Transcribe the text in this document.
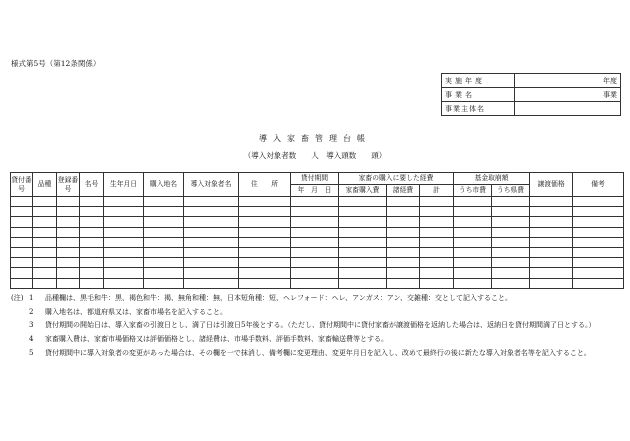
様式第5号（第12条関係）
実施年度	年度
事業名	事業
事業主体名	
導入家畜管理台帳
（導入対象者数　　人　導入頭数　　頭）
貸付番号	品種	登録番号	名号	生年月日	購入地名	導入対象者名	住　　所	貸付期間	家畜の購入に要した経費			基金取崩額		譲渡価格	備考
								年　月　日	家畜購入費	諸経費	計	うち市費	うち県費		

(注) 1	品種欄は、黒毛和牛：黒、褐色和牛：褐、無角和種：無、日本短角種：短、ヘレフォード：ヘレ、アンガス：アン、交雑種：交として記入すること。
2	購入地名は、都道府県又は、家畜市場名を記入すること。
3	貸付期間の開始日は、導入家畜の引渡日とし、満了日は引渡日5年後とする。（ただし、貸付期間中に貸付家畜が譲渡価格を返納した場合は、返納日を貸付期間満了日とする。）
4	家畜購入費は、家畜市場価格又は評価価格とし、諸経費は、市場手数料、評価手数料、家畜輸送費等とする。
5	貸付期間中に導入対象者の変更があった場合は、その欄を一で抹消し、備考欄に変更理由、変更年月日を記入し、改めて最終行の後に新たな導入対象者名等を記入すること。
